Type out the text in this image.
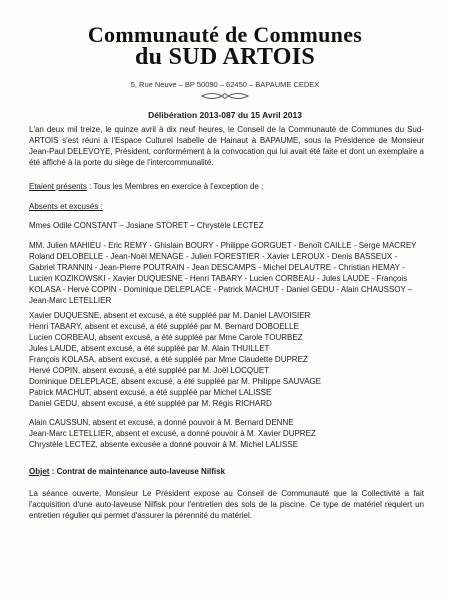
Communauté de Communes
du SUD ARTOIS
5, Rue Neuve – BP 50090 – 62450 – BAPAUME CEDEX
Délibération 2013-087 du 15 Avril 2013
L'an deux mil treize, le quinze avril à dix neuf heures, le Conseil de la Communauté de Communes du Sud-ARTOIS s'est réuni à l'Espace Culturel Isabelle de Hainaut à BAPAUME, sous la Présidence de Monsieur Jean-Paul DELEVOYE, Président, conformément à la convocation qui lui avait été faite et dont un exemplaire a été affiché à la porte du siège de l'intercommunalité.
Etaient présents : Tous les Membres en exercice à l'exception de :
Absents et excusés :
Mmes Odile CONSTANT – Josiane STORET – Chrystèle LECTEZ
MM. Julien MAHIEU - Eric REMY - Ghislain BOURY - Philippe GORGUET - Benoît CAILLE - Serge MACREY
Roland DELOBELLE - Jean-Noël MENAGE - Julien FORESTIER - Xavier LEROUX - Denis BASSEUX -
Gabriel TRANNIN - Jean-Pierre POUTRAIN - Jean DESCAMPS - Michel DELAUTRE - Christian HEMAY -
Lucien KOZIKOWSKI - Xavier DUQUESNE - Henri TABARY - Lucien CORBEAU - Jules LAUDE - François
KOLASA - Hervé COPIN - Dominique DELEPLACE - Patrick MACHUT - Daniel GEDU - Alain CHAUSSOY –
Jean-Marc LETELLIER
Xavier DUQUESNE, absent et excusé, a été suppléé par M. Daniel LAVOISIER
Henri TABARY, absent et excusé, a été suppléé par M. Bernard DOBOELLE
Lucien CORBEAU, absent excusé, a été suppléé par Mme Carole TOURBEZ
Jules LAUDE, absent excusé, a été suppléé par M. Alain THUILLET
François KOLASA, absent excusé, a été suppléé par Mme Claudette DUPREZ
Hervé COPIN, absent excusé, a été suppléé par M. Joël LOCQUET
Dominique DELEPLACE, absent excusé, a été suppléé par M. Philippe SAUVAGE
Patrick MACHUT, absent excusé, a été suppléé par Michel LALISSE
Daniel GEDU, absent excusé, a été suppléé par M. Régis RICHARD
Alain CAUSSUN, absent et excusé, a donné pouvoir à M. Bernard DENNE
Jean-Marc LETELLIER, absent et excusé, a donné pouvoir à M. Xavier DUPREZ
Chrystèle LECTEZ, absente excusée a donné pouvoir à M. Michel LALISSE
Objet : Contrat de maintenance auto-laveuse Nilfisk
La séance ouverte, Monsieur Le Président expose au Conseil de Communauté que la Collectivité a fait l'acquisition d'une auto-laveuse Nilfisk pour l'entretien des sols de la piscine. Ce type de matériel requiert un entretien régulier qui permet d'assurer la pérennité du matériel.
